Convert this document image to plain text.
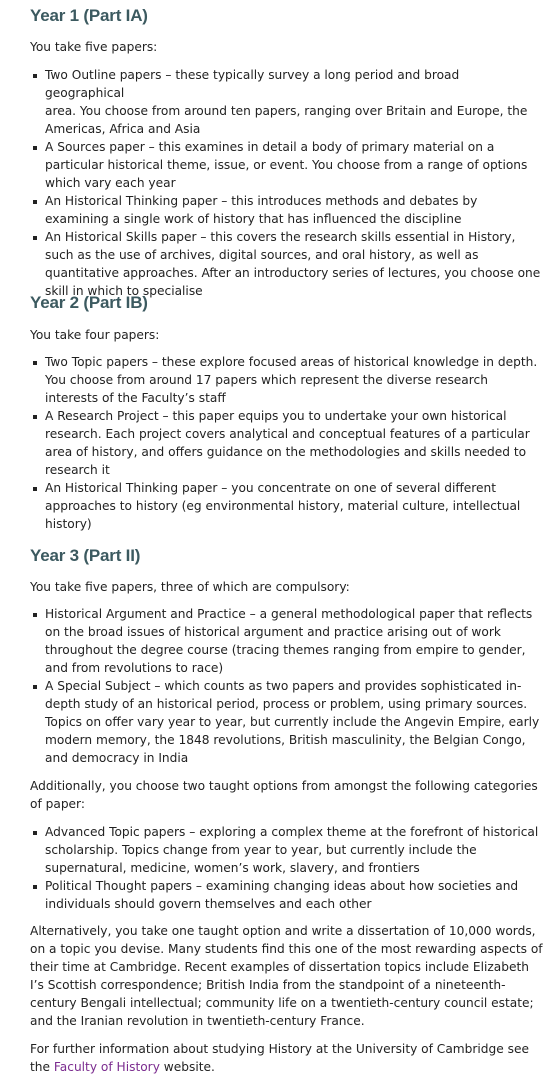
Year 1 (Part IA)

You take five papers:

Two Outline papers – these typically survey a long period and broad geographical
area. You choose from around ten papers, ranging over Britain and Europe, the
Americas, Africa and Asia
A Sources paper – this examines in detail a body of primary material on a
particular historical theme, issue, or event. You choose from a range of options
which vary each year
An Historical Thinking paper – this introduces methods and debates by
examining a single work of history that has influenced the discipline
An Historical Skills paper – this covers the research skills essential in History,
such as the use of archives, digital sources, and oral history, as well as
quantitative approaches. After an introductory series of lectures, you choose one
skill in which to specialise
Year 2 (Part IB)

You take four papers:

Two Topic papers – these explore focused areas of historical knowledge in depth.
You choose from around 17 papers which represent the diverse research
interests of the Faculty’s staff
A Research Project – this paper equips you to undertake your own historical
research. Each project covers analytical and conceptual features of a particular
area of history, and offers guidance on the methodologies and skills needed to
research it
An Historical Thinking paper – you concentrate on one of several different
approaches to history (eg environmental history, material culture, intellectual
history)
Year 3 (Part II)

You take five papers, three of which are compulsory:

Historical Argument and Practice – a general methodological paper that reflects
on the broad issues of historical argument and practice arising out of work
throughout the degree course (tracing themes ranging from empire to gender,
and from revolutions to race)
A Special Subject – which counts as two papers and provides sophisticated in-
depth study of an historical period, process or problem, using primary sources.
Topics on offer vary year to year, but currently include the Angevin Empire, early
modern memory, the 1848 revolutions, British masculinity, the Belgian Congo,
and democracy in India

Additionally, you choose two taught options from amongst the following categories
of paper:

Advanced Topic papers – exploring a complex theme at the forefront of historical
scholarship. Topics change from year to year, but currently include the
supernatural, medicine, women’s work, slavery, and frontiers
Political Thought papers – examining changing ideas about how societies and
individuals should govern themselves and each other

Alternatively, you take one taught option and write a dissertation of 10,000 words,
on a topic you devise. Many students find this one of the most rewarding aspects of
their time at Cambridge. Recent examples of dissertation topics include Elizabeth
I’s Scottish correspondence; British India from the standpoint of a nineteenth-
century Bengali intellectual; community life on a twentieth-century council estate;
and the Iranian revolution in twentieth-century France.

For further information about studying History at the University of Cambridge see
the Faculty of History website.
